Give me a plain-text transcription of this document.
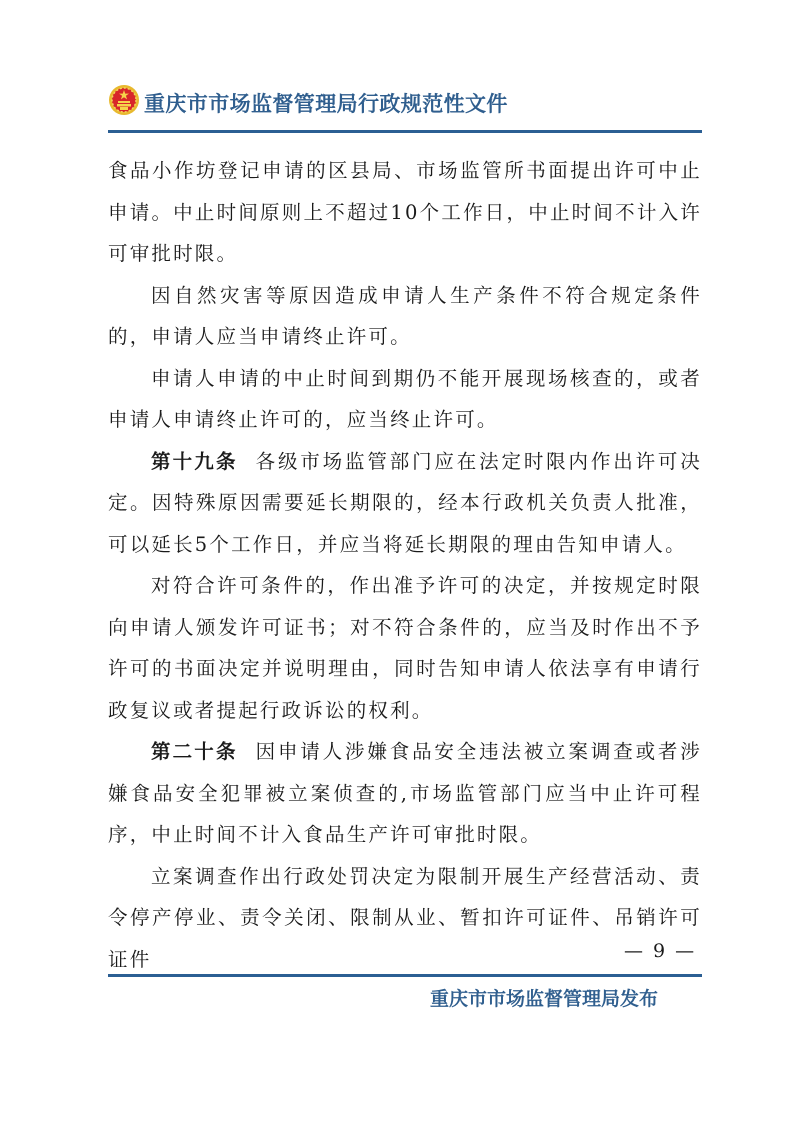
重庆市市场监督管理局行政规范性文件

食品小作坊登记申请的区县局、市场监管所书面提出许可中止申请。中止时间原则上不超过10个工作日，中止时间不计入许可审批时限。

因自然灾害等原因造成申请人生产条件不符合规定条件的，申请人应当申请终止许可。

申请人申请的中止时间到期仍不能开展现场核查的，或者申请人申请终止许可的，应当终止许可。

第十九条 各级市场监管部门应在法定时限内作出许可决定。因特殊原因需要延长期限的，经本行政机关负责人批准，可以延长5个工作日，并应当将延长期限的理由告知申请人。

对符合许可条件的，作出准予许可的决定，并按规定时限向申请人颁发许可证书；对不符合条件的，应当及时作出不予许可的书面决定并说明理由，同时告知申请人依法享有申请行政复议或者提起行政诉讼的权利。

第二十条 因申请人涉嫌食品安全违法被立案调查或者涉嫌食品安全犯罪被立案侦查的,市场监管部门应当中止许可程序，中止时间不计入食品生产许可审批时限。

立案调查作出行政处罚决定为限制开展生产经营活动、责令停产停业、责令关闭、限制从业、暂扣许可证件、吊销许可证件	— 9 —
重庆市市场监督管理局发布
